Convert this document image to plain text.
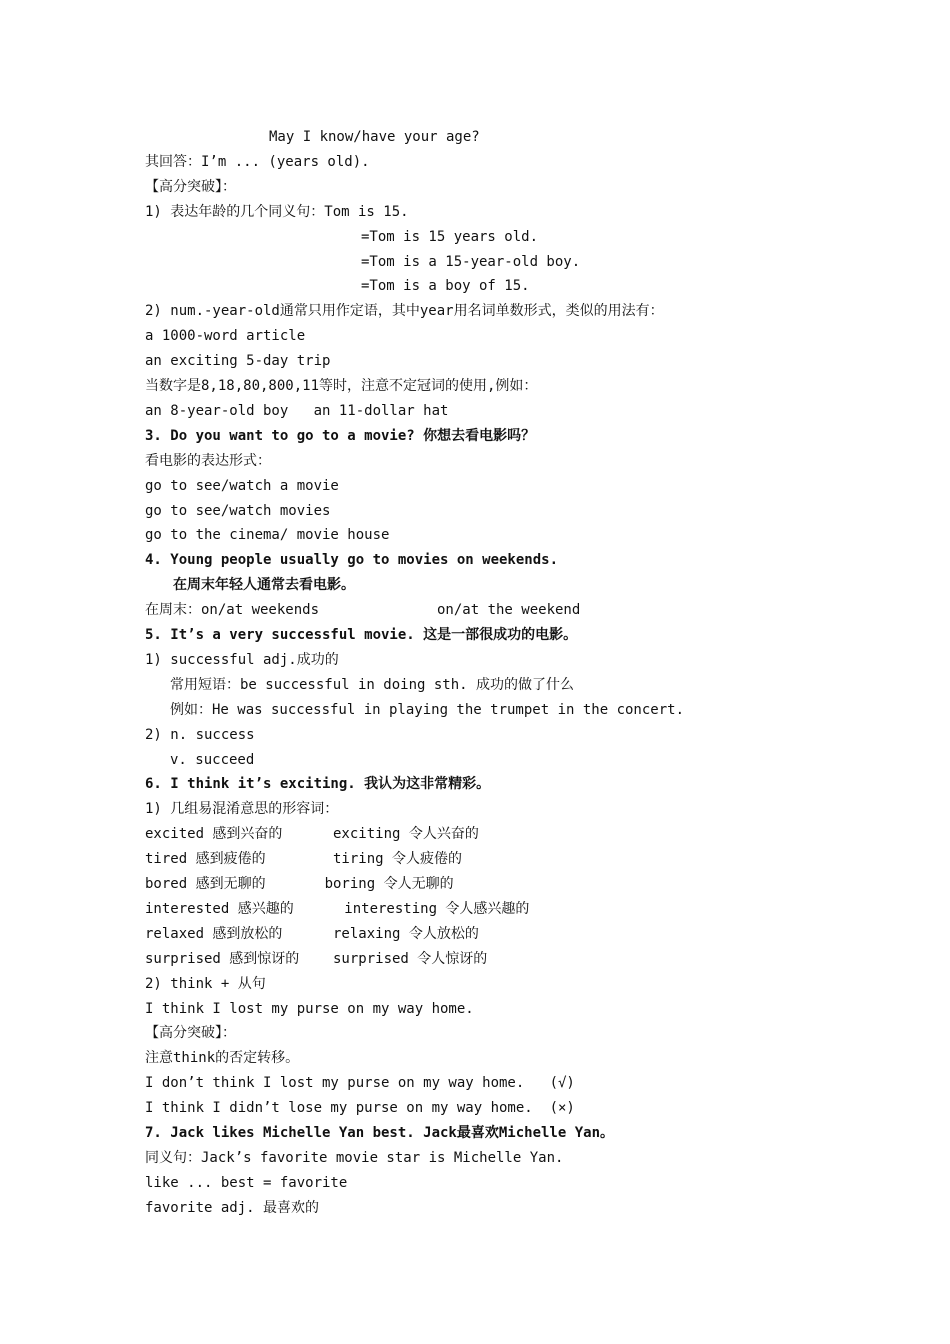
May I know/have your age?
其回答：I’m ... (years old).
【高分突破】：
1) 表达年龄的几个同义句：Tom is 15.
=Tom is 15 years old.
=Tom is a 15-year-old boy.
=Tom is a boy of 15.
2) num.-year-old通常只用作定语，其中year用名词单数形式，类似的用法有：
a 1000-word article
an exciting 5-day trip
当数字是8,18,80,800,11等时，注意不定冠词的使用,例如：
an 8-year-old boy   an 11-dollar hat
3. Do you want to go to a movie? 你想去看电影吗？
看电影的表达形式：
go to see/watch a movie
go to see/watch movies
go to the cinema/ movie house
4. Young people usually go to movies on weekends.
在周末年轻人通常去看电影。
在周末：on/at weekends              on/at the weekend
5. It’s a very successful movie. 这是一部很成功的电影。
1) successful adj.成功的
常用短语：be successful in doing sth. 成功的做了什么
例如：He was successful in playing the trumpet in the concert.
2) n. success
v. succeed
6. I think it’s exciting. 我认为这非常精彩。
1) 几组易混淆意思的形容词：
excited 感到兴奋的      exciting 令人兴奋的
tired 感到疲倦的        tiring 令人疲倦的
bored 感到无聊的       boring 令人无聊的
interested 感兴趣的      interesting 令人感兴趣的
relaxed 感到放松的      relaxing 令人放松的
surprised 感到惊讶的    surprised 令人惊讶的
2) think + 从句
I think I lost my purse on my way home.
【高分突破】：
注意think的否定转移。
I don’t think I lost my purse on my way home.   (√)
I think I didn’t lose my purse on my way home.  (×)
7. Jack likes Michelle Yan best. Jack最喜欢Michelle Yan。
同义句：Jack’s favorite movie star is Michelle Yan.
like ... best = favorite
favorite adj. 最喜欢的
